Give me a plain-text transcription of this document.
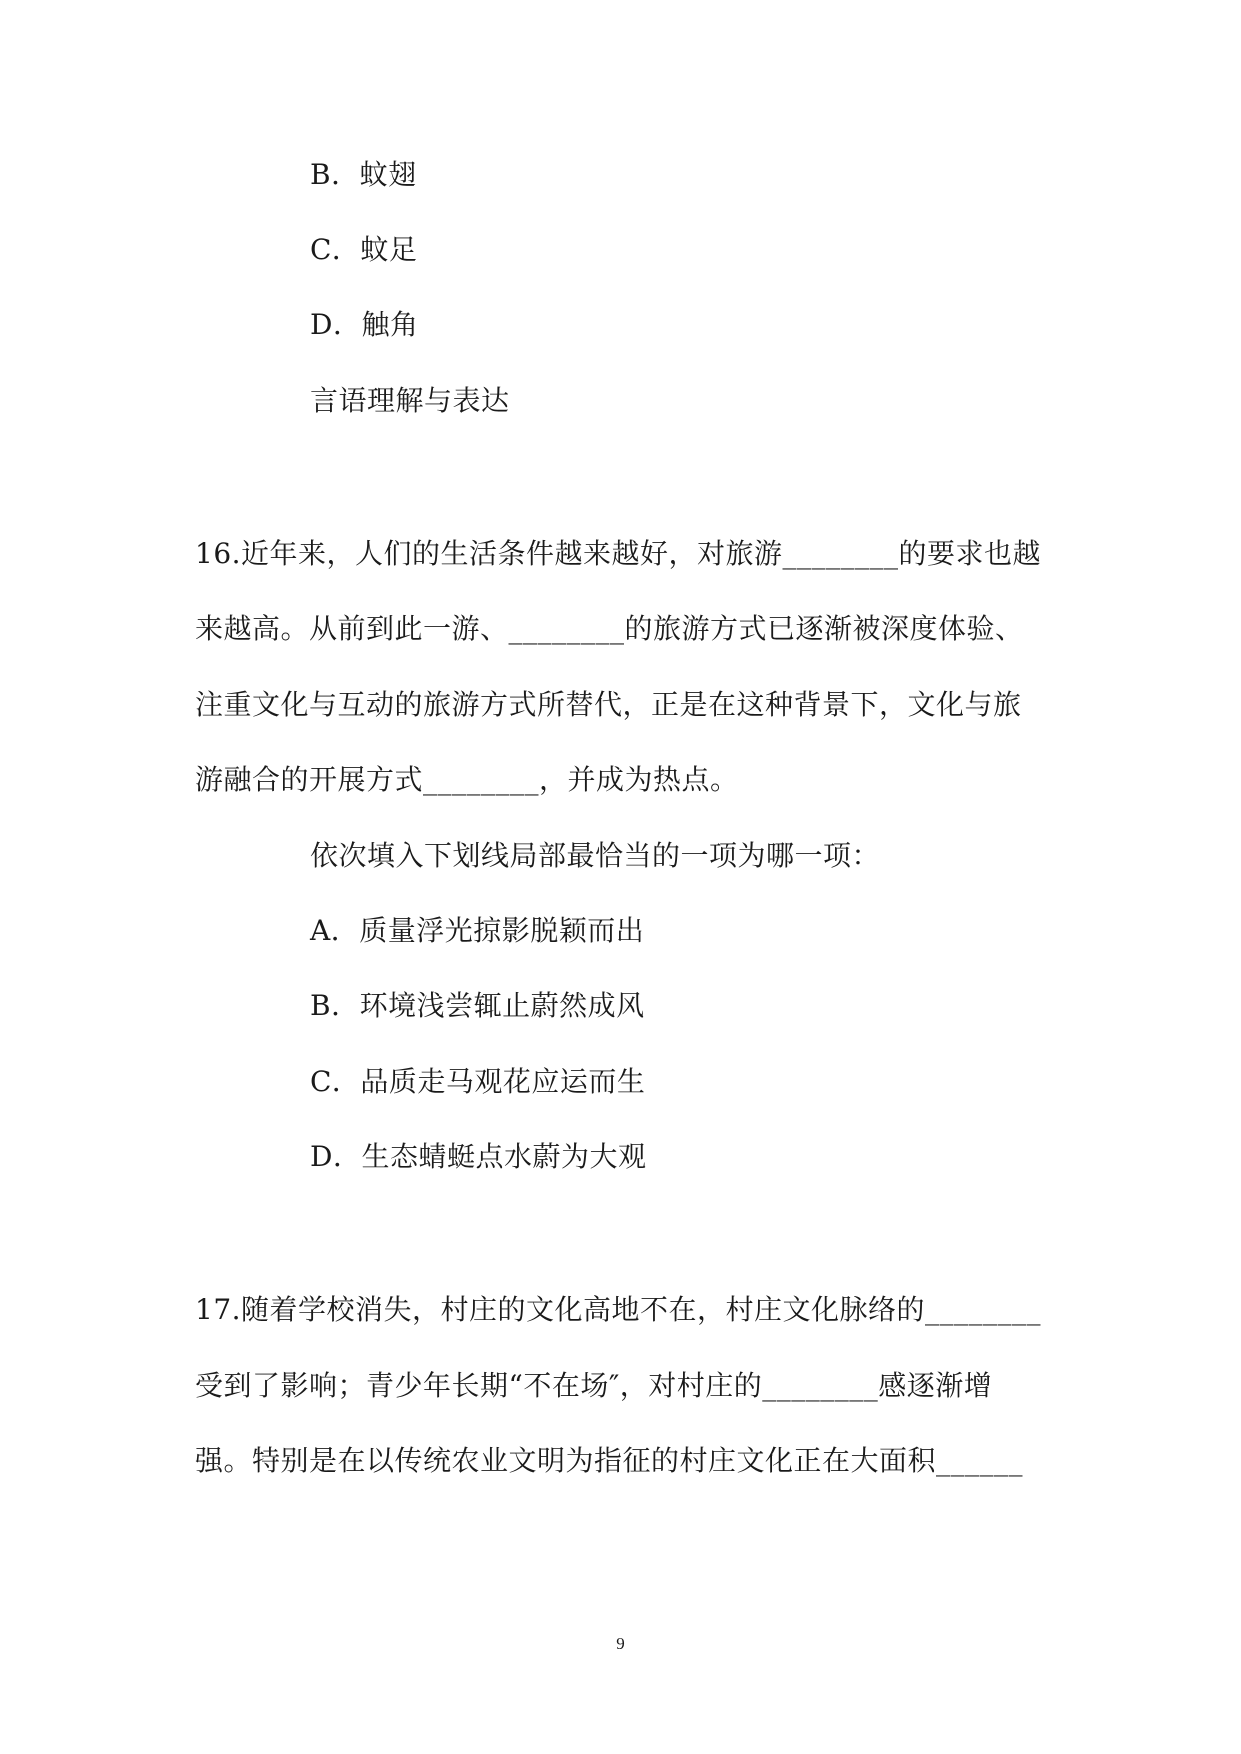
B．蚊翅
C．蚊足
D．触角
言语理解与表达
16.近年来，人们的生活条件越来越好，对旅游________的要求也越
来越高。从前到此一游、________的旅游方式已逐渐被深度体验、
注重文化与互动的旅游方式所替代，正是在这种背景下，文化与旅
游融合的开展方式________，并成为热点。
依次填入下划线局部最恰当的一项为哪一项：
A．质量浮光掠影脱颖而出
B．环境浅尝辄止蔚然成风
C．品质走马观花应运而生
D．生态蜻蜓点水蔚为大观
17.随着学校消失，村庄的文化高地不在，村庄文化脉络的________
受到了影响；青少年长期“不在场″，对村庄的________感逐渐增
强。特别是在以传统农业文明为指征的村庄文化正在大面积______
9
